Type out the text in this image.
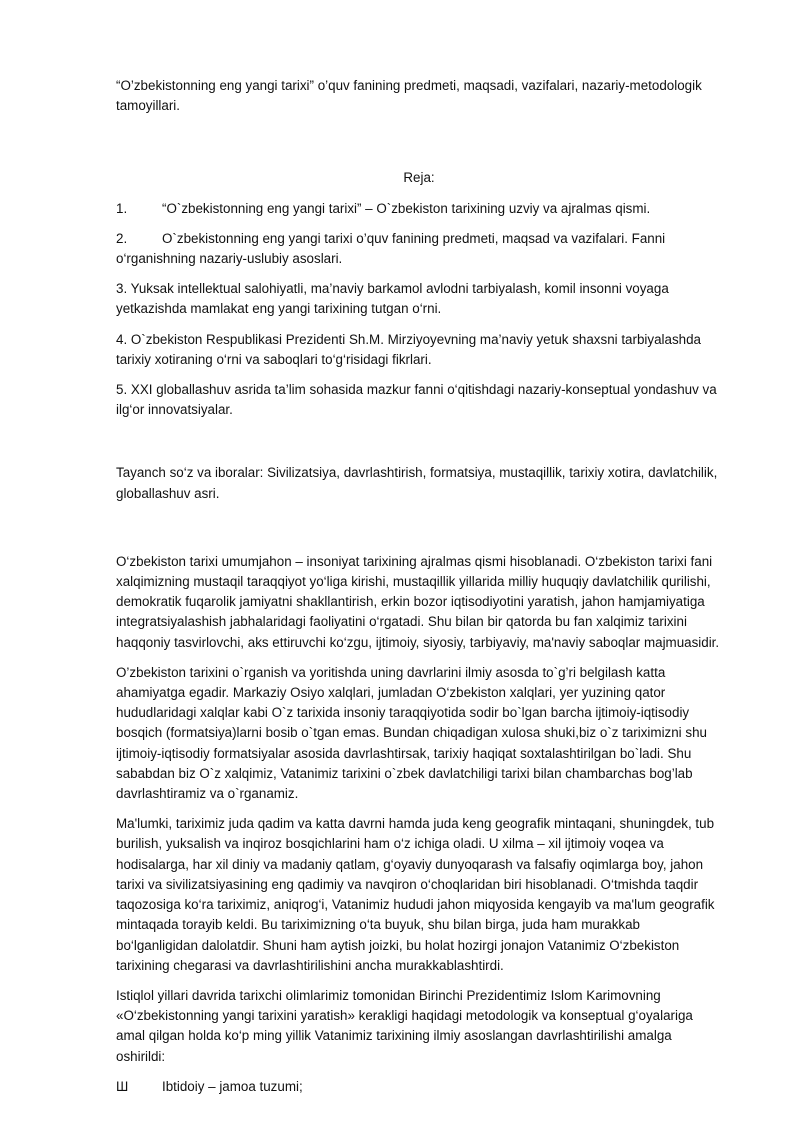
“O’zbekistonning eng yangi tarixi” o’quv fanining predmeti, maqsadi, vazifalari, nazariy-metodologik tamoyillari.

Reja:

1.	“O`zbekistonning eng yangi tarixi” – O`zbekiston tarixining uzviy va ajralmas qismi.

2.	O`zbekistonning eng yangi tarixi o’quv fanining predmeti, maqsad va vazifalari. Fanni o‘rganishning nazariy-uslubiy asoslari.

3. Yuksak intellektual salohiyatli, ma’naviy barkamol avlodni tarbiyalash, komil insonni voyaga yetkazishda mamlakat eng yangi tarixining tutgan o‘rni.

4. O`zbekiston Respublikasi Prezidenti Sh.M. Mirziyoyevning ma’naviy yetuk shaxsni tarbiyalashda tarixiy xotiraning o‘rni va saboqlari to‘g‘risidagi fikrlari.

5. XXI globallashuv asrida ta’lim sohasida mazkur fanni o‘qitishdagi nazariy-konseptual yondashuv va ilg‘or innovatsiyalar.

Tayanch so‘z va iboralar: Sivilizatsiya, davrlashtirish, formatsiya, mustaqillik, tarixiy xotira, davlatchilik, globallashuv asri.

O‘zbekiston tarixi umumjahon – insoniyat tarixining ajralmas qismi hisoblanadi. O‘zbekiston tarixi fani xalqimizning mustaqil taraqqiyot yo‘liga kirishi, mustaqillik yillarida milliy huquqiy davlatchilik qurilishi, demokratik fuqarolik jamiyatni shakllantirish, erkin bozor iqtisodiyotini yaratish, jahon hamjamiyatiga integratsiyalashish jabhalaridagi faoliyatini o‘rgatadi. Shu bilan bir qatorda bu fan xalqimiz tarixini haqqoniy tasvirlovchi, aks ettiruvchi ko‘zgu, ijtimoiy, siyosiy, tarbiyaviy, ma'naviy saboqlar majmuasidir.

O’zbekiston tarixini o`rganish va yoritishda uning davrlarini ilmiy asosda to`g’ri belgilash katta ahamiyatga egadir. Markaziy Osiyo xalqlari, jumladan O‘zbekiston xalqlari, yer yuzining qator hududlaridagi xalqlar kabi O`z tarixida insoniy taraqqiyotida sodir bo`lgan barcha ijtimoiy-iqtisodiy bosqich (formatsiya)larni bosib o`tgan emas. Bundan chiqadigan xulosa shuki,biz o`z tariximizni shu ijtimoiy-iqtisodiy formatsiyalar asosida davrlashtirsak, tarixiy haqiqat soxtalashtirilgan bo`ladi. Shu sababdan biz O`z xalqimiz, Vatanimiz tarixini o`zbek davlatchiligi tarixi bilan chambarchas bog’lab davrlashtiramiz va o`rganamiz.

Ma'lumki, tariximiz juda qadim va katta davrni hamda juda keng geografik mintaqani, shuningdek, tub burilish, yuksalish va inqiroz bosqichlarini ham o‘z ichiga oladi. U xilma – xil ijtimoiy voqea va hodisalarga, har xil diniy va madaniy qatlam, g‘oyaviy dunyoqarash va falsafiy oqimlarga boy, jahon tarixi va sivilizatsiyasining eng qadimiy va navqiron o‘choqlaridan biri hisoblanadi. O‘tmishda taqdir taqozosiga ko‘ra tariximiz, aniqrog‘i, Vatanimiz hududi jahon miqyosida kengayib va ma'lum geografik mintaqada torayib keldi. Bu tariximizning o‘ta buyuk, shu bilan birga, juda ham murakkab bo‘lganligidan dalolatdir. Shuni ham aytish joizki, bu holat hozirgi jonajon Vatanimiz O‘zbekiston tarixining chegarasi va davrlashtirilishini ancha murakkablashtirdi.

Istiqlol yillari davrida tarixchi olimlarimiz tomonidan Birinchi Prezidentimiz Islom Karimovning «O‘zbekistonning yangi tarixini yaratish» kerakligi haqidagi metodologik va konseptual g‘oyalariga amal qilgan holda ko‘p ming yillik Vatanimiz tarixining ilmiy asoslangan davrlashtirilishi amalga oshirildi:

Ш	Ibtidoiy – jamoa tuzumi;
